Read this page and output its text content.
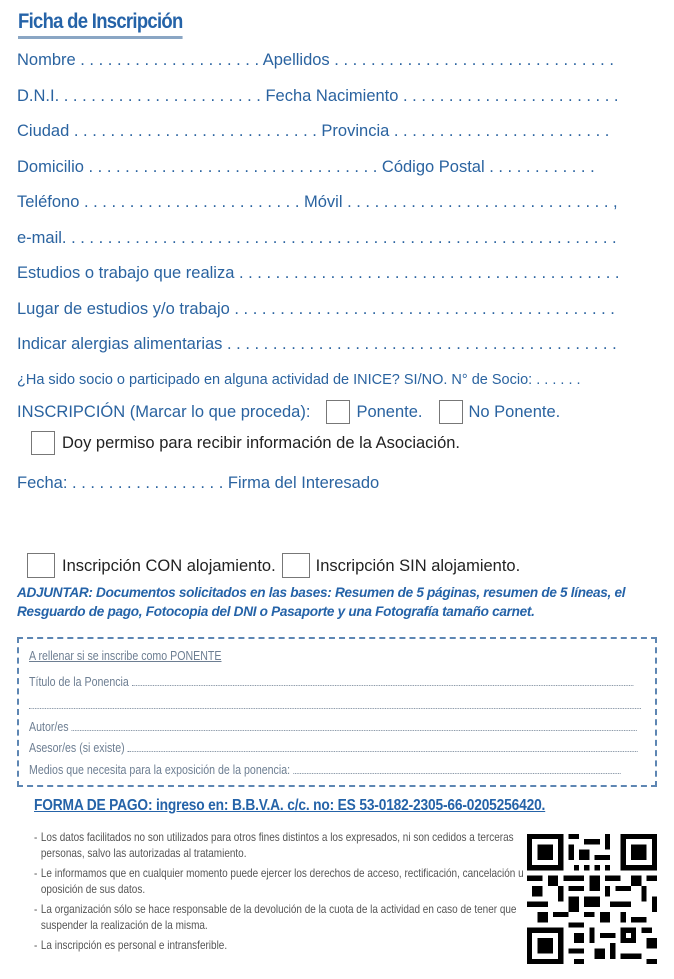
Ficha de Inscripción
Nombre . . . . . . . . . . . . . . . . . . . . Apellidos . . . . . . . . . . . . . . . . . . . . . . . . . . . . . . .
D.N.I. . . . . . . . . . . . . . . . . . . . . . . Fecha Nacimiento . . . . . . . . . . . . . . . . . . . . . . . .
Ciudad . . . . . . . . . . . . . . . . . . . . . . . . . . . Provincia . . . . . . . . . . . . . . . . . . . . . . . .
Domicilio . . . . . . . . . . . . . . . . . . . . . . . . . . . . . . . . Código Postal . . . . . . . . . . . .
Teléfono . . . . . . . . . . . . . . . . . . . . . . . . Móvil . . . . . . . . . . . . . . . . . . . . . . . . . . . . . ,
e-mail. . . . . . . . . . . . . . . . . . . . . . . . . . . . . . . . . . . . . . . . . . . . . . . . . . . . . . . . . . . . .
Estudios o trabajo que realiza . . . . . . . . . . . . . . . . . . . . . . . . . . . . . . . . . . . . . . . . . .
Lugar de estudios y/o trabajo . . . . . . . . . . . . . . . . . . . . . . . . . . . . . . . . . . . . . . . . . .
Indicar alergias alimentarias . . . . . . . . . . . . . . . . . . . . . . . . . . . . . . . . . . . . . . . . . . .
¿Ha sido socio o participado en alguna actividad de INICE? SI/NO. N° de Socio: . . . . . .
INSCRIPCIÓN (Marcar lo que proceda):	Ponente.	No Ponente.
Doy permiso para recibir información de la Asociación.
Fecha: . . . . . . . . . . . . . . . . . Firma del Interesado
Inscripción CON alojamiento. Inscripción SIN alojamiento.
ADJUNTAR: Documentos solicitados en las bases: Resumen de 5 páginas, resumen de 5 líneas, el Resguardo de pago, Fotocopia del DNI o Pasaporte y una Fotografía tamaño carnet.
A rellenar si se inscribe como PONENTE
Título de la Ponencia
Autor/es
Asesor/es (si existe)
Medios que necesita para la exposición de la ponencia:
FORMA DE PAGO: ingreso en: B.B.V.A. c/c. no: ES 53-0182-2305-66-0205256420.
- Los datos facilitados no son utilizados para otros fines distintos a los expresados, ni son cedidos a terceras personas, salvo las autorizadas al tratamiento.
- Le informamos que en cualquier momento puede ejercer los derechos de acceso, rectificación, cancelación u oposición de sus datos.
- La organización sólo se hace responsable de la devolución de la cuota de la actividad en caso de tener que suspender la realización de la misma.
- La inscripción es personal e intransferible.
